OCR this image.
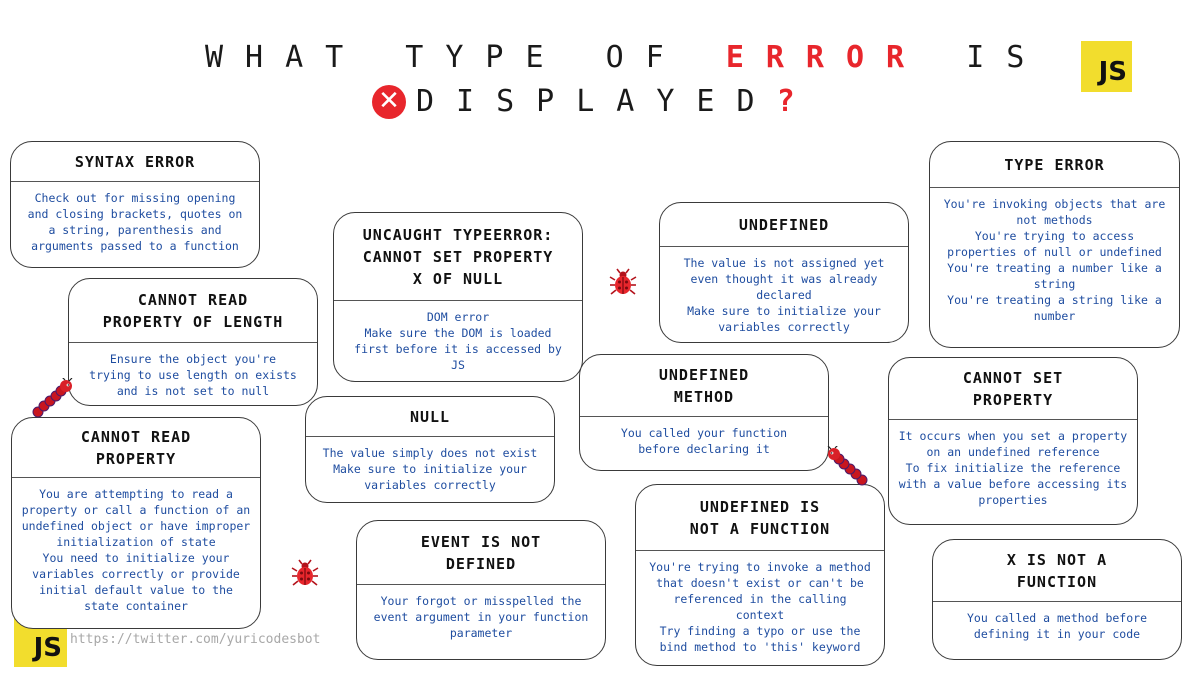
WHAT TYPE OF ERROR IS
✕ DISPLAYED ?
JS
JS https://twitter.com/yuricodesbot
SYNTAX ERROR
Check out for missing opening
and closing brackets, quotes on
a string, parenthesis and
arguments passed to a function
CANNOT READ
PROPERTY OF LENGTH
Ensure the object you're
trying to use length on exists
and is not set to null
CANNOT READ
PROPERTY
You are attempting to read a
property or call a function of an
undefined object or have improper
initialization of state
You need to initialize your
variables correctly or provide
initial default value to the
state container
UNCAUGHT TYPEERROR:
CANNOT SET PROPERTY
X OF NULL
DOM error
Make sure the DOM is loaded
first before it is accessed by
JS
NULL
The value simply does not exist
Make sure to initialize your
variables correctly
EVENT IS NOT
DEFINED
Your forgot or misspelled the
event argument in your function
parameter
UNDEFINED
The value is not assigned yet
even thought it was already
declared
Make sure to initialize your
variables correctly
UNDEFINED
METHOD
You called your function
before declaring it
UNDEFINED IS
NOT A FUNCTION
You're trying to invoke a method
that doesn't exist or can't be
referenced in the calling
context
Try finding a typo or use the
bind method to 'this' keyword
TYPE ERROR
You're invoking objects that are
not methods
You're trying to access
properties of null or undefined
You're treating a number like a
string
You're treating a string like a
number
CANNOT SET
PROPERTY
It occurs when you set a property
on an undefined reference
To fix initialize the reference
with a value before accessing its
properties
X IS NOT A
FUNCTION
You called a method before
defining it in your code
